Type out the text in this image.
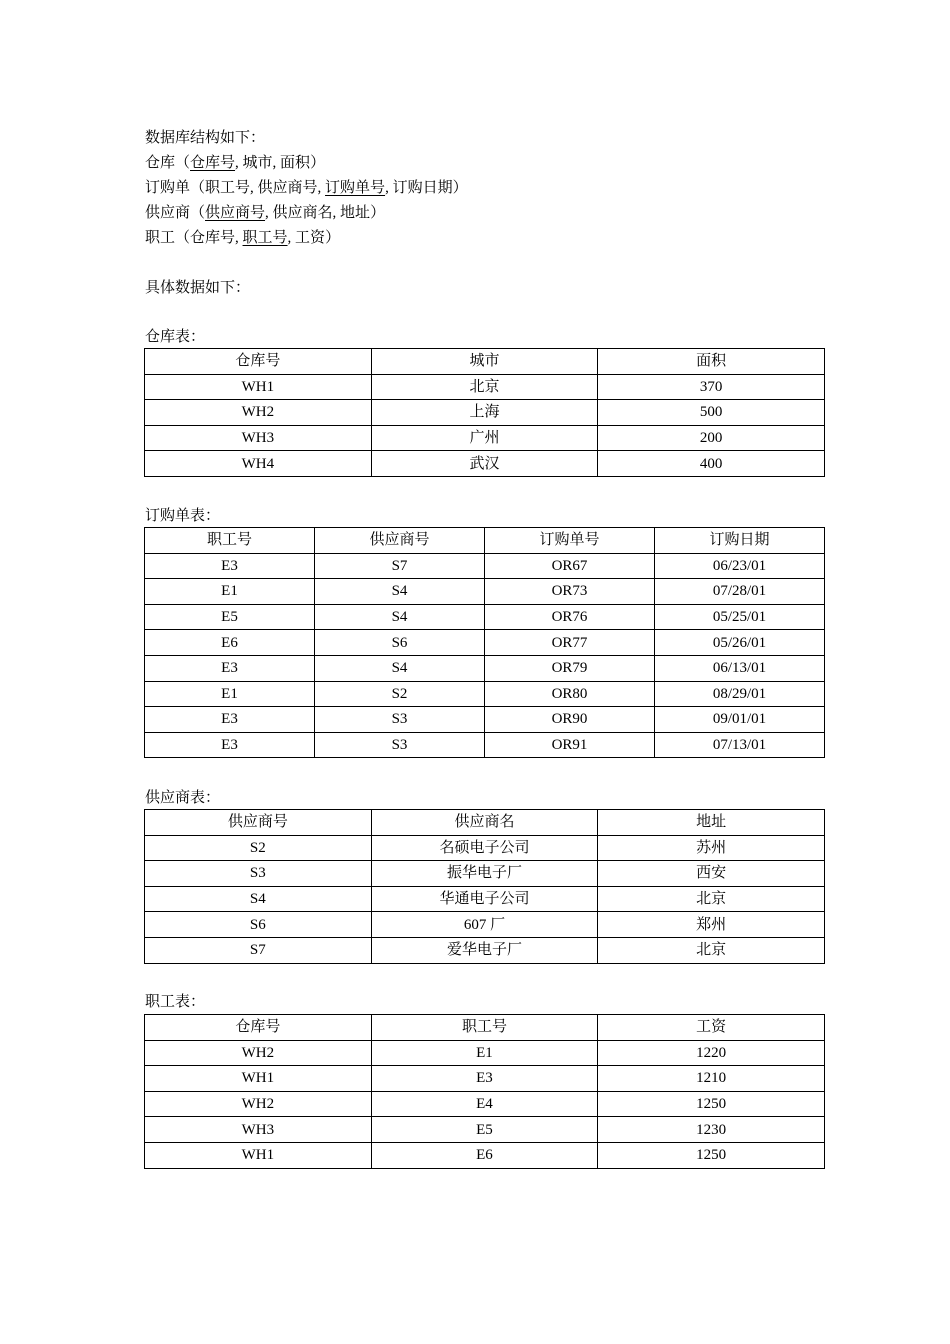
数据库结构如下：
仓库（仓库号, 城市, 面积）
订购单（职工号, 供应商号, 订购单号, 订购日期）
供应商（供应商号, 供应商名, 地址）
职工（仓库号, 职工号, 工资）
具体数据如下：
仓库表：
仓库号	城市	面积
WH1	北京	370
WH2	上海	500
WH3	广州	200
WH4	武汉	400
订购单表：
职工号	供应商号	订购单号	订购日期
E3	S7	OR67	06/23/01
E1	S4	OR73	07/28/01
E5	S4	OR76	05/25/01
E6	S6	OR77	05/26/01
E3	S4	OR79	06/13/01
E1	S2	OR80	08/29/01
E3	S3	OR90	09/01/01
E3	S3	OR91	07/13/01
供应商表：
供应商号	供应商名	地址
S2	名硕电子公司	苏州
S3	振华电子厂	西安
S4	华通电子公司	北京
S6	607 厂	郑州
S7	爱华电子厂	北京
职工表：
仓库号	职工号	工资
WH2	E1	1220
WH1	E3	1210
WH2	E4	1250
WH3	E5	1230
WH1	E6	1250
